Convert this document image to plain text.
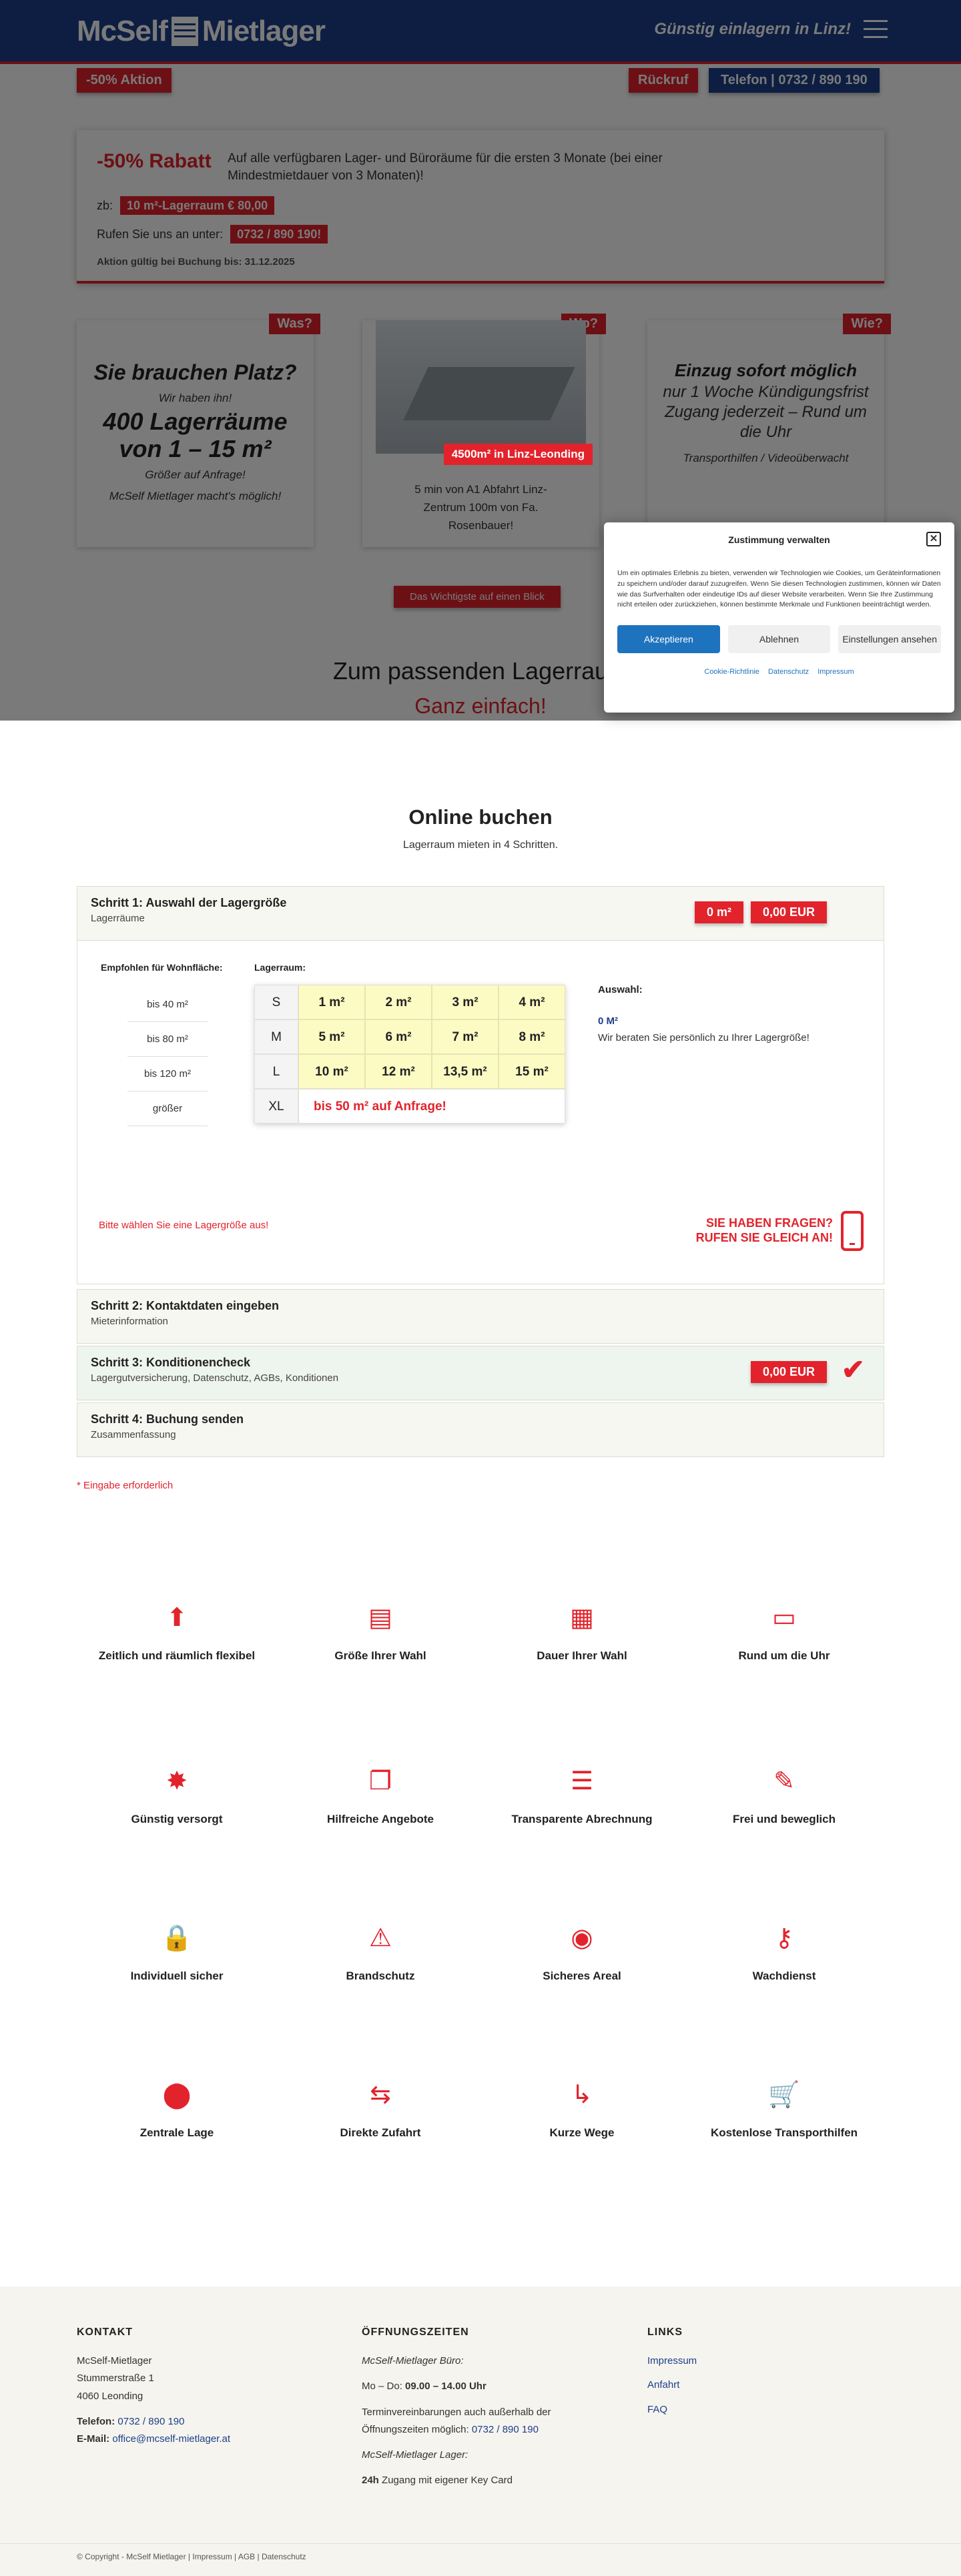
4500m² in Linz-Leonding
Zustimmung verwalten	✕

Um ein optimales Erlebnis zu bieten, verwenden wir Technologien wie Cookies, um Geräteinformationen zu speichern und/oder darauf zuzugreifen. Wenn Sie diesen Technologien zustimmen, können wir Daten wie das Surfverhalten oder eindeutige IDs auf dieser Website verarbeiten. Wenn Sie Ihre Zustimmung nicht erteilen oder zurückziehen, können bestimmte Merkmale und Funktionen beeinträchtigt werden.

Akzeptieren	Ablehnen	Einstellungen ansehen
Cookie-Richtlinie Datenschutz Impressum
Online buchen
Lagerraum mieten in 4 Schritten.
Schritt 1: Auswahl der Lagergröße
Lagerräume	0 m²	0,00 EUR
Empfohlen für Wohnfläche:
bis 40 m²
bis 80 m²
bis 120 m²
größer
Lagerraum:
S	1 m²	2 m²	3 m²	4 m²
M	5 m²	6 m²	7 m²	8 m²
L	10 m²	12 m²	13,5 m²	15 m²
XL	bis 50 m² auf Anfrage!
Auswahl:
0 M²
Wir beraten Sie persönlich zu Ihrer Lagergröße!
Bitte wählen Sie eine Lagergröße aus!	SIE HABEN FRAGEN?
RUFEN SIE GLEICH AN!
Schritt 2: Kontaktdaten eingeben
Mieterinformation
Schritt 3: Konditionencheck
Lagergutversicherung, Datenschutz, AGBs, Konditionen	0,00 EUR ✔
Schritt 4: Buchung senden
Zusammenfassung
* Eingabe erforderlich
⬆
Zeitlich und räumlich flexibel
▤
Größe Ihrer Wahl
▦
Dauer Ihrer Wahl
▭
Rund um die Uhr
✸
Günstig versorgt
❐
Hilfreiche Angebote
☰
Transparente Abrechnung
✎
Frei und beweglich
🔒
Individuell sicher
⚠
Brandschutz
◉
Sicheres Areal
⚷
Wachdienst
⬤
Zentrale Lage
⇆
Direkte Zufahrt
↳
Kurze Wege
🛒
Kostenlose Transporthilfen
KONTAKT
McSelf-Mietlager
Stummerstraße 1
4060 Leonding
Telefon: 0732 / 890 190
E-Mail: office@mcself-mietlager.at
ÖFFNUNGSZEITEN
McSelf-Mietlager Büro:
Mo – Do: 09.00 – 14.00 Uhr
Terminvereinbarungen auch außerhalb der Öffnungszeiten möglich: 0732 / 890 190
McSelf-Mietlager Lager:
24h Zugang mit eigener Key Card
LINKS
Impressum
Anfahrt
FAQ
© Copyright - McSelf Mietlager | Impressum | AGB | Datenschutz
